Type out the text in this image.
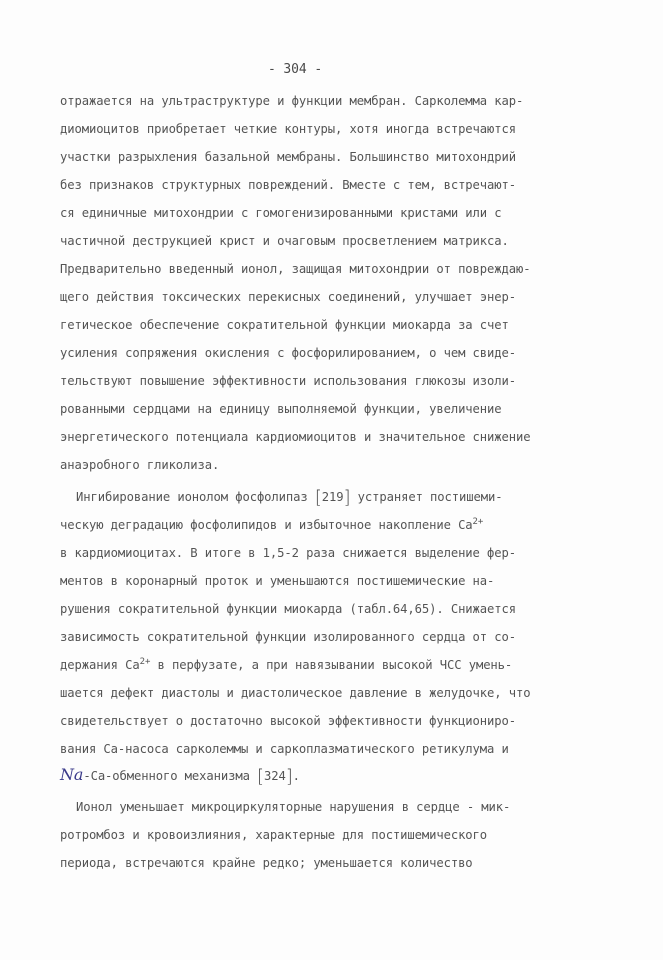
- 304 -
отражается на ультраструктуре и функции мембран. Сарколемма кар-
диомиоцитов приобретает четкие контуры, хотя иногда встречаются
участки разрыхления базальной мембраны. Большинство митохондрий
без признаков структурных повреждений. Вместе с тем, встречают-
ся единичные митохондрии с гомогенизированными кристами или с
частичной деструкцией крист и очаговым просветлением матрикса.
Предварительно введенный ионол, защищая митохондрии от повреждаю-
щего действия токсических перекисных соединений, улучшает энер-
гетическое обеспечение сократительной функции миокарда за счет
усиления сопряжения окисления с фосфорилированием, о чем свиде-
тельствуют повышение эффективности использования глюкозы изоли-
рованными сердцами на единицу выполняемой функции, увеличение
энергетического потенциала кардиомиоцитов и значительное снижение
анаэробного гликолиза.
Ингибирование ионолом фосфолипаз [219] устраняет постишеми-
ческую деградацию фосфолипидов и избыточное накопление $Ca^{2+}$
в кардиомиоцитах. В итоге в 1,5-2 раза снижается выделение фер-
ментов в коронарный проток и уменьшаются постишемические на-
рушения сократительной функции миокарда (табл.64,65). Снижается
зависимость сократительной функции изолированного сердца от со-
держания $Ca^{2+}$ в перфузате, а при навязывании высокой ЧСС умень-
шается дефект диастолы и диастолическое давление в желудочке, что
свидетельствует о достаточно высокой эффективности функциониро-
вания Ca-насоса сарколеммы и саркоплазматического ретикулума и
Na-Ca-обменного механизма [324].
Ионол уменьшает микроциркуляторные нарушения в сердце - мик-
ротромбоз и кровоизлияния, характерные для постишемического
периода, встречаются крайне редко; уменьшается количество
